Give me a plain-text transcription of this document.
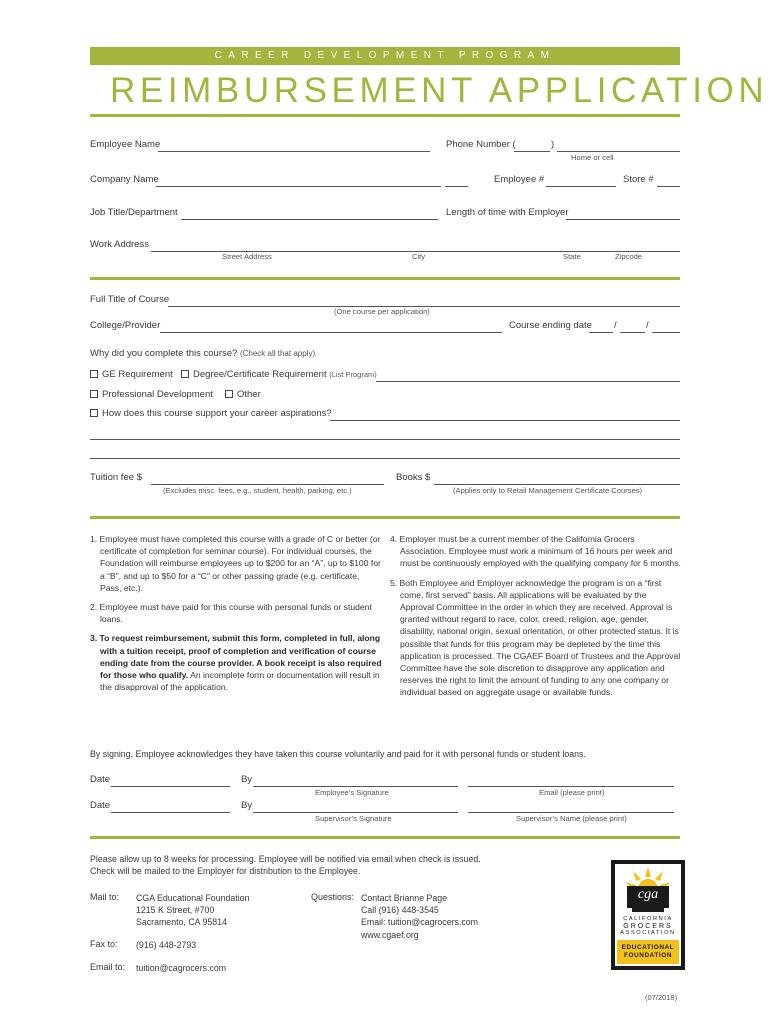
CAREER DEVELOPMENT PROGRAM
REIMBURSEMENT APPLICATION
Employee Name	Phone Number (	)
Home or cell
Company Name	Employee #	Store #
Job Title/Department	Length of time with Employer
Work Address
Street Address	City	State	Zipcode
Full Title of Course
(One course per application)
College/Provider	Course ending date /	/
Why did you complete this course? (Check all that apply)
GE Requirement	Degree/Certificate Requirement (List Program)
Professional Development	Other
How does this course support your career aspirations?
Tuition fee $
(Excludes misc. fees, e.g., student, health, parking, etc.)
Books $
(Applies only to Retail Management Certificate Courses)
1. Employee must have completed this course with a grade of C or better (or certificate of completion for seminar course). For individual courses, the Foundation will reimburse employees up to $200 for an “A”, up to $100 for a “B”, and up to $50 for a “C” or other passing grade (e.g. certificate, Pass, etc.).
2. Employee must have paid for this course with personal funds or student loans.
3. To request reimbursement, submit this form, completed in full, along with a tuition receipt, proof of completion and verification of course ending date from the course provider. A book receipt is also required for those who qualify. An incomplete form or documentation will result in the disapproval of the application.
4. Employer must be a current member of the California Grocers Association. Employee must work a minimum of 16 hours per week and must be continuously employed with the qualifying company for 6 months.
5. Both Employee and Employer acknowledge the program is on a “first come, first served” basis. All applications will be evaluated by the Approval Committee in the order in which they are received. Approval is granted without regard to race, color, creed, religion, age, gender, disability, national origin, sexual orientation, or other protected status. It is possible that funds for this program may be depleted by the time this application is processed. The CGAEF Board of Trustees and the Approval Committee have the sole discretion to disapprove any application and reserves the right to limit the amount of funding to any one company or individual based on aggregate usage or available funds.
By signing, Employee acknowledges they have taken this course voluntarily and paid for it with personal funds or student loans.
Date	By
Employee’s Signature	Email (please print)
Date	By
Supervisor’s Signature	Supervisor’s Name (please print)
Please allow up to 8 weeks for processing. Employee will be notified via email when check is issued.
Check will be mailed to the Employer for distribution to the Employee.
Mail to: CGA Educational Foundation
1215 K Street, #700
Sacramento, CA 95814
Questions: Contact Brianne Page
Call (916) 448-3545
Email: tuition@cagrocers.com
www.cgaef.org
Fax to: (916) 448-2793
Email to: tuition@cagrocers.com
(07/2018)
cga
CALIFORNIA
GROCERS
ASSOCIATION
EDUCATIONAL
FOUNDATION
